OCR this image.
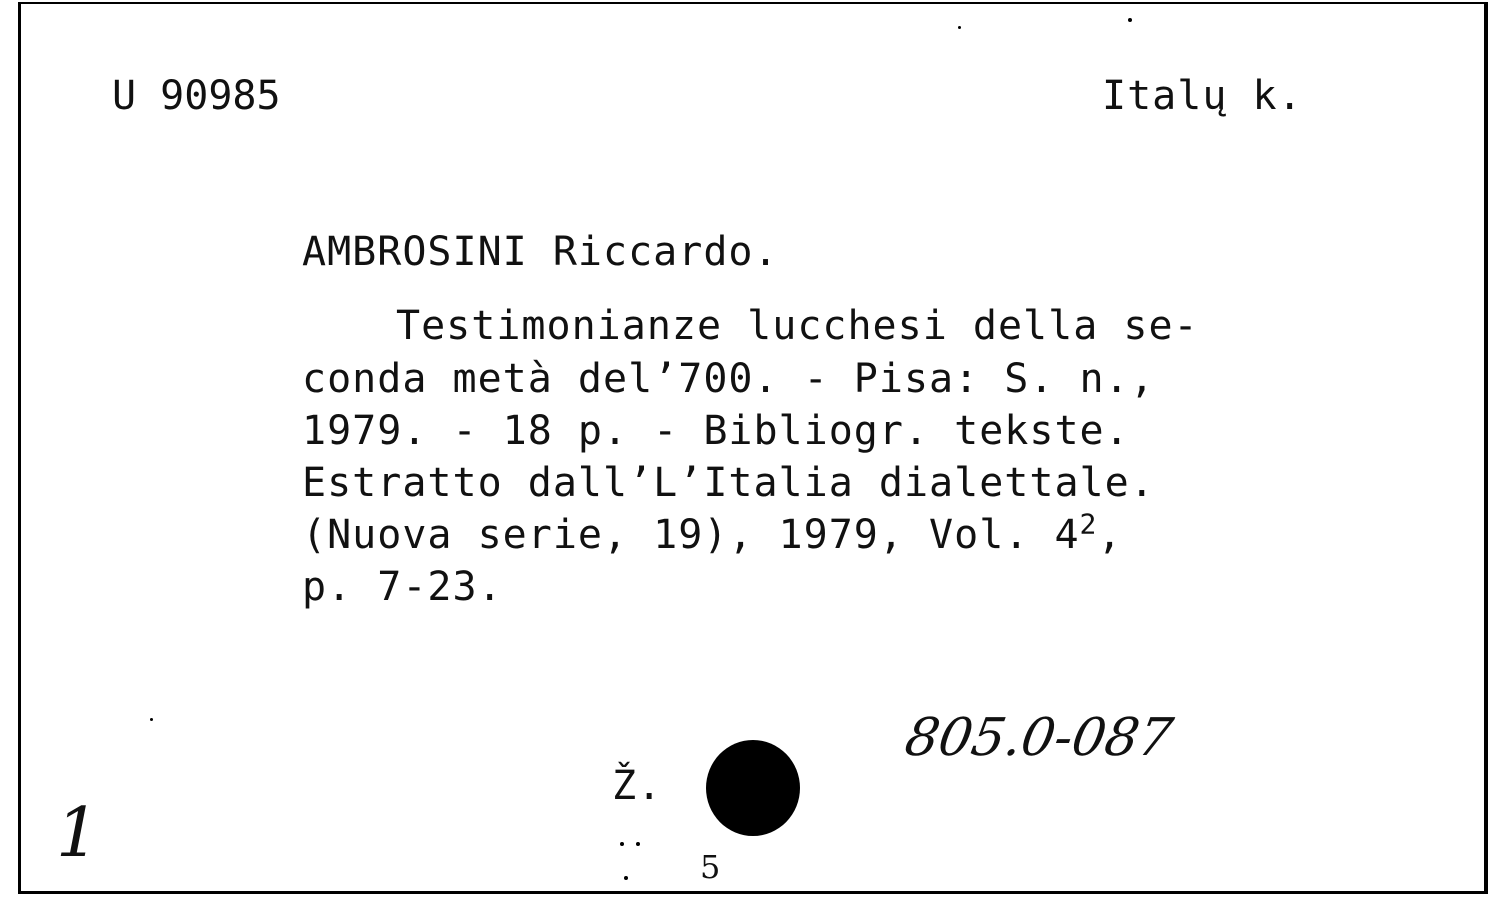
U 90985	Italų k.
AMBROSINI Riccardo.
Testimonianze lucchesi della se-
conda metà del’700. - Pisa: S. n.,
1979. - 18 p. - Bibliogr. tekste.
Estratto dall’L’Italia dialettale.
(Nuova serie, 19), 1979, Vol. $4^2$,
p. 7-23.
805.0-087
1
Ž.
5
